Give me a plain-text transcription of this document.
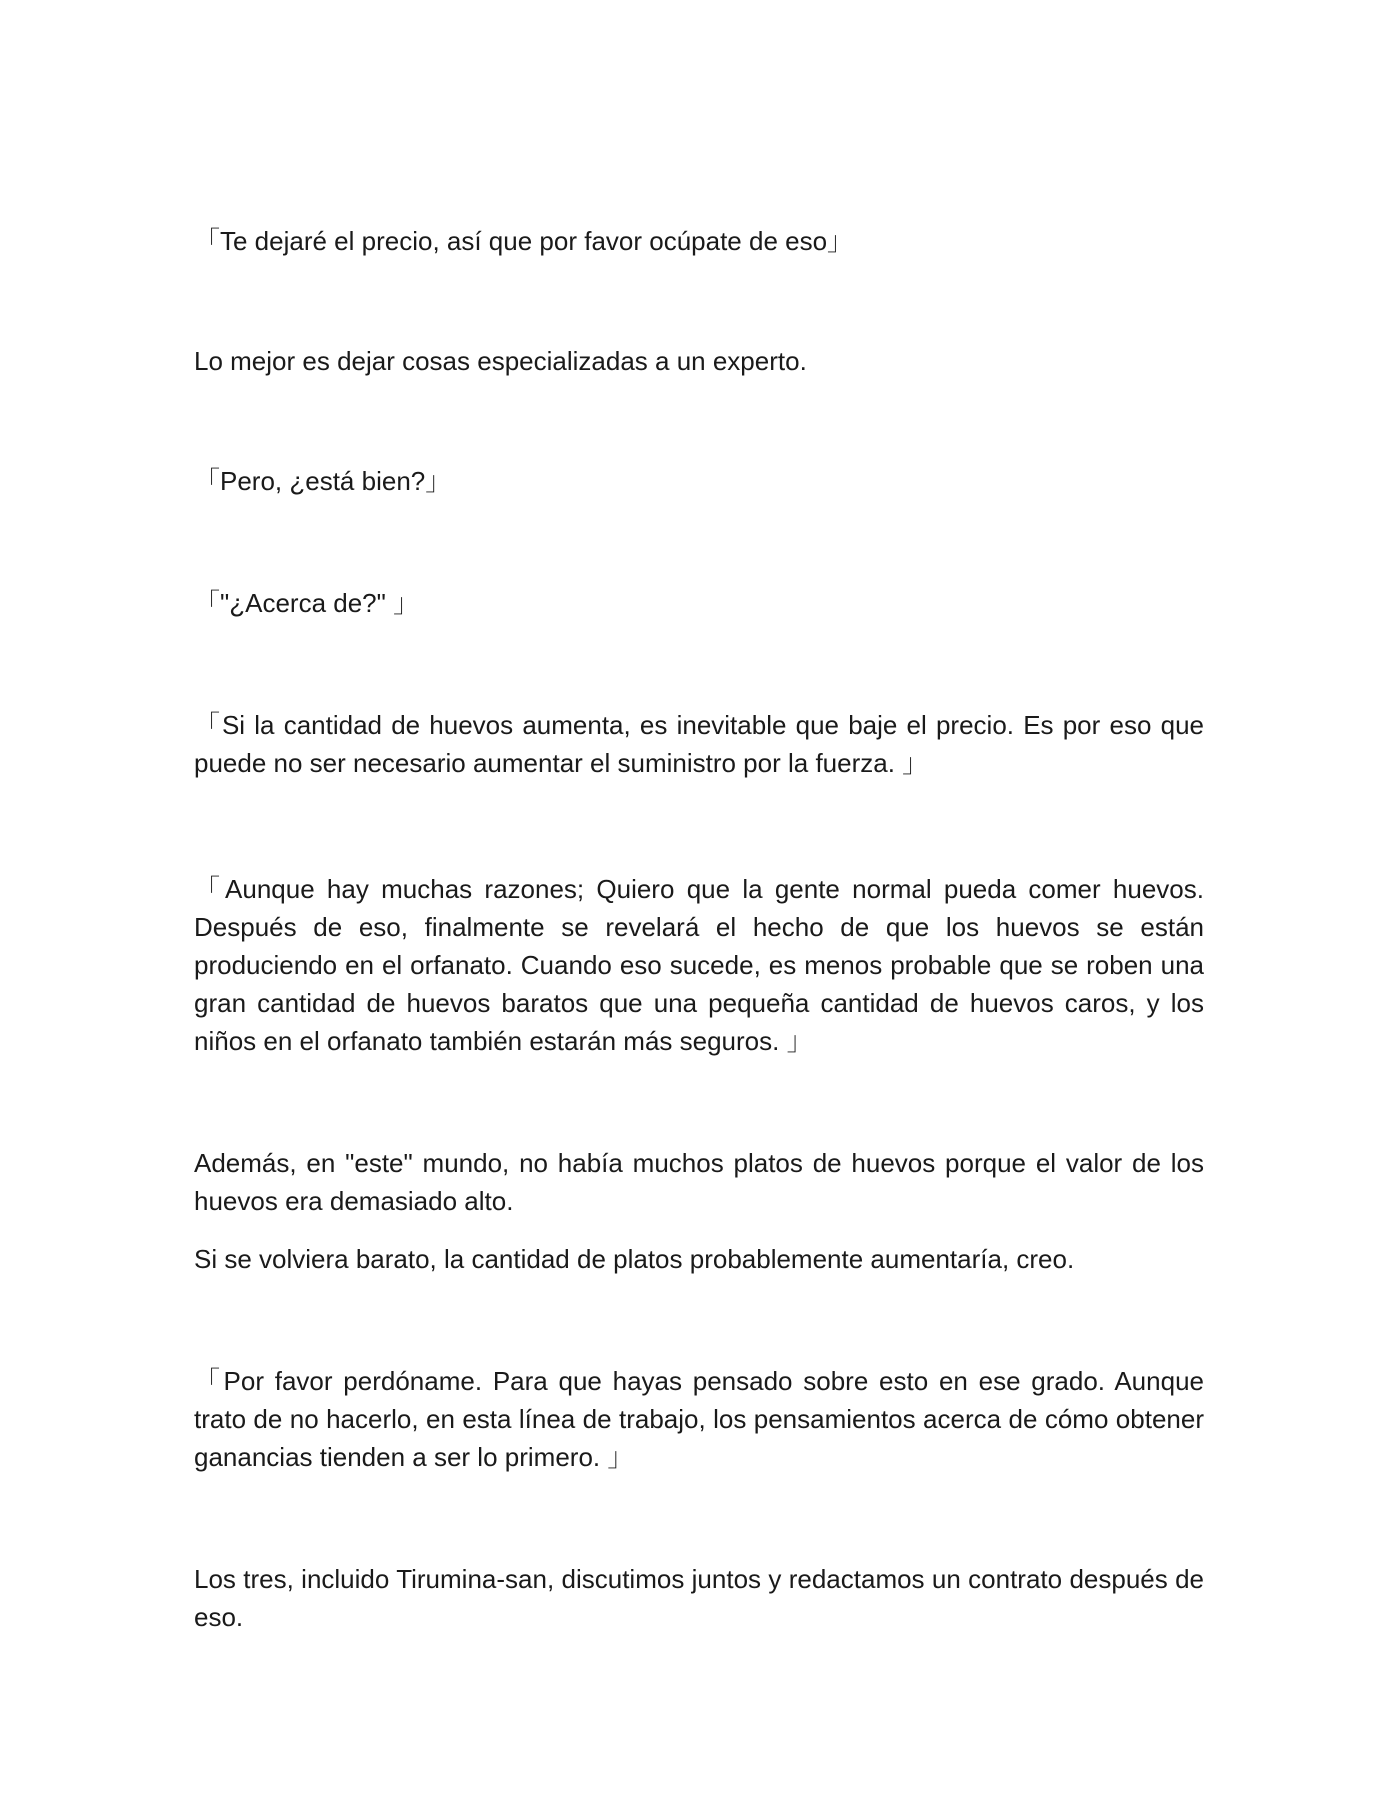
「Te dejaré el precio, así que por favor ocúpate de eso」

Lo mejor es dejar cosas especializadas a un experto.

「Pero, ¿está bien?」

「"¿Acerca de?" 」

「Si la cantidad de huevos aumenta, es inevitable que baje el precio. Es por eso que puede no ser necesario aumentar el suministro por la fuerza. 」

「Aunque hay muchas razones; Quiero que la gente normal pueda comer huevos. Después de eso, finalmente se revelará el hecho de que los huevos se están produciendo en el orfanato. Cuando eso sucede, es menos probable que se roben una gran cantidad de huevos baratos que una pequeña cantidad de huevos caros, y los niños en el orfanato también estarán más seguros. 」

Además, en "este" mundo, no había muchos platos de huevos porque el valor de los huevos era demasiado alto.

Si se volviera barato, la cantidad de platos probablemente aumentaría, creo.

「Por favor perdóname. Para que hayas pensado sobre esto en ese grado. Aunque trato de no hacerlo, en esta línea de trabajo, los pensamientos acerca de cómo obtener ganancias tienden a ser lo primero. 」

Los tres, incluido Tirumina-san, discutimos juntos y redactamos un contrato después de eso.
